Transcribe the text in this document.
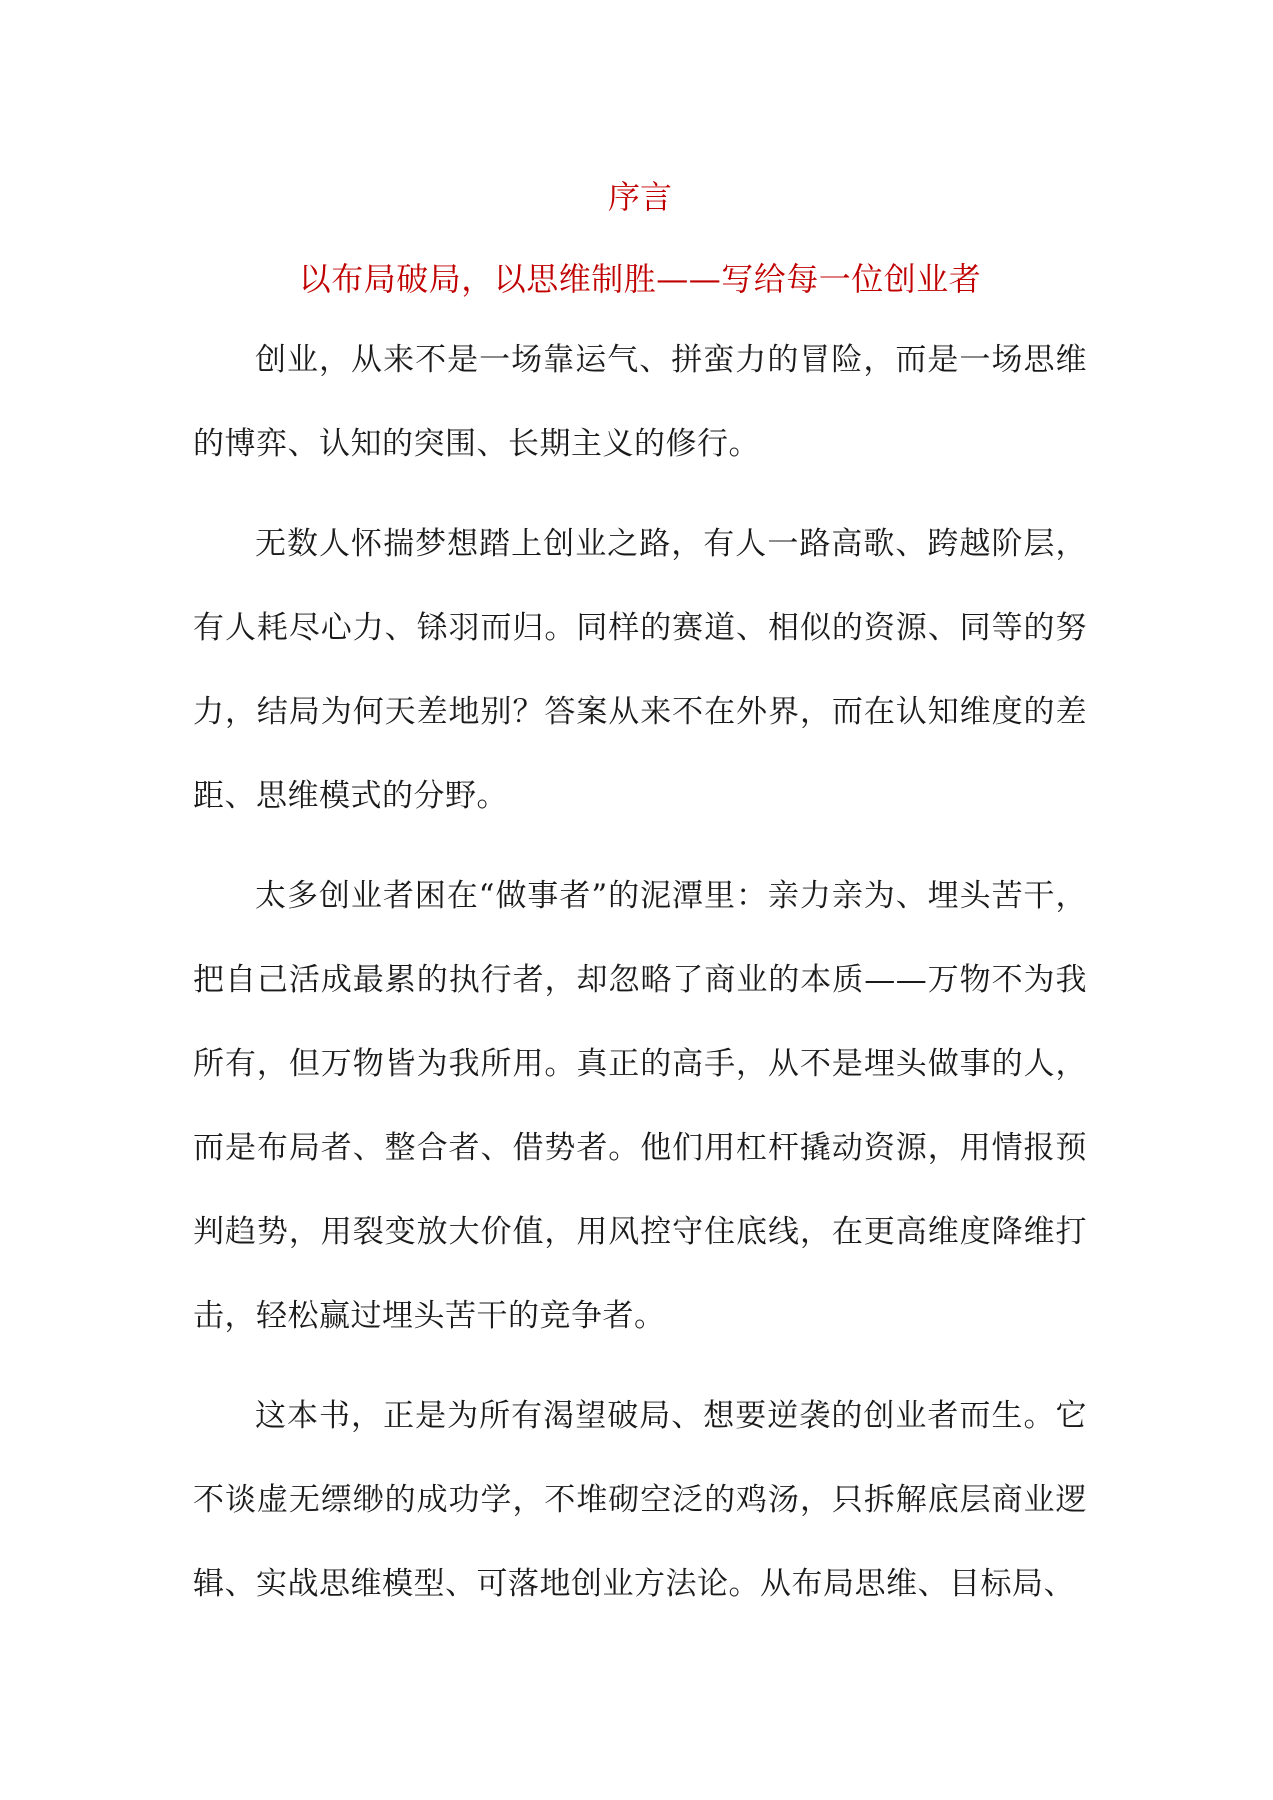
序言
以布局破局，以思维制胜——写给每一位创业者

创业，从来不是一场靠运气、拼蛮力的冒险，而是一场思维的博弈、认知的突围、长期主义的修行。

无数人怀揣梦想踏上创业之路，有人一路高歌、跨越阶层，有人耗尽心力、铩羽而归。同样的赛道、相似的资源、同等的努力，结局为何天差地别？答案从来不在外界，而在认知维度的差距、思维模式的分野。

太多创业者困在“做事者”的泥潭里：亲力亲为、埋头苦干，把自己活成最累的执行者，却忽略了商业的本质——万物不为我所有，但万物皆为我所用。真正的高手，从不是埋头做事的人，而是布局者、整合者、借势者。他们用杠杆撬动资源，用情报预判趋势，用裂变放大价值，用风控守住底线，在更高维度降维打击，轻松赢过埋头苦干的竞争者。

这本书，正是为所有渴望破局、想要逆袭的创业者而生。它不谈虚无缥缈的成功学，不堆砌空泛的鸡汤，只拆解底层商业逻辑、实战思维模型、可落地创业方法论。从布局思维、目标局、
